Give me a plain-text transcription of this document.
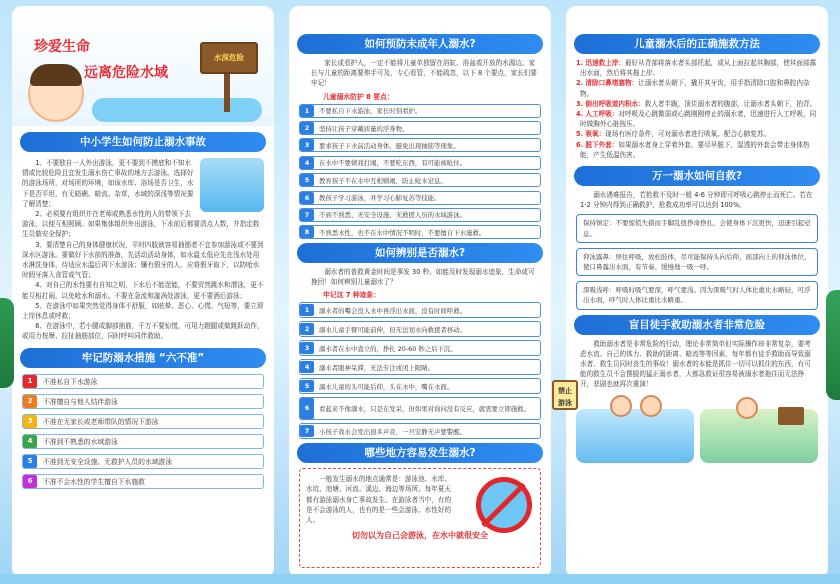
水深危险
珍爱生命
远离危险水域
中小学生如何防止溺水事故

1、不要独自一人外出游泳，更不要到不摸底和不知水情或比较危险且宜发生溺水伤亡事故的地方去游泳。选择好的游泳场所，对场所的环境，如该水库、浴场是否卫生，水下是否平坦，有无暗礁、暗流、杂草，水域的深浅等情况要了解清楚；

2、必须要有组织并在老师或熟悉水性的人的带领下去游泳，以便互相照顾。如果集体组织外出游泳，下水前后都要清点人数，并指定救生员做安全保护；

3、要清楚自己的身体健康状况，平时四肢就容易抽筋者不宜参加游泳或不要到深水区游泳。要做好下水前的准备，先活动活动身体，如水温太低应先在浅水处用水淋洗身体，待适应水温后再下水游泳；镶有假牙的人，应将假牙取下，以防呛水时假牙落入食管或气管；

4、对自己的水性要有自知之明，下水后不能逞能，不要贸然跳水和潜泳，更不能互相打闹，以免呛水和溺水。不要在急流和漩涡处游泳，更不要酒后游泳；

5、在游泳中如果突然觉得身体不舒服，如眩晕、恶心、心慌、气短等，要立即上岸休息或呼救；

6、在游泳中，若小腿或脚部抽筋，千万不要惊慌，可用力蹬腿或做跳跃动作，或用力按摩、拉扯抽筋部位，同时呼叫同伴救助。

牢记防溺水措施 “六不准”
1	不准私自下水游泳
2	不准擅自与他人结伴游泳
3	不准在无家长或老师带队的情况下游泳
4	不准到不熟悉的水域游泳
5	不准到无安全设施、无救护人员的水域游泳
6	不准不会水性的学生擅自下水施救
如何预防未成年人溺水?

家长或看护人，一定不能将儿童单独留在浴缸、浴盆或开放的水源边。家长与儿童的距离要伸手可及，专心看管，不能疏忽，以下 8 个要点，家长们要牢记！

儿童溺水防护 8 要点：
1	不要私自下水游泳，家长时刻看护。
2	坚持让孩子穿戴质量的浮身物。
3	要求孩子下水前活动身体，避免出现抽筋等现象。
4	在水中不要嬉戏打闹，不要吃东西，有可能被呛住。
5	教育孩子不在水中互相嬉闹，防止呛水窒息。
6	教孩子学习游泳，并学习心肺复苏等技能。
7	不到不熟悉、无安全设施、无救援人员的水域游泳。
8	不熟悉水性，也不在水中情况不明时，不要擅自下水施救。
如何辨别是否溺水?

溺水者的普救黄金时间是事发 30 秒。如能及时发现溺水迹象，生命或可挽回！如何辨别儿童溺水了？

牢记这 7 种迹象：
1	溺水者的嘴会没入水中再浮出水面，没有时间呼救。
2	溺水儿童手臂可能前伸，但无法划水向救援者移动。
3	溺水者在水中直立的，挣扎 20-60 秒之后下沉。
4	溺水者眼神呆滞，无法专注或闭上眼睛。
5	溺水儿童的头可能后仰，头在水中，嘴在水面。
6	看起来不像溺水，只是在发呆，但如果对询问没有反应，就需要立即施救。
7	小孩子戏水会发出很多声音，一旦安静无声要警醒。
哪些地方容易发生溺水?

一般发生溺水的地点通常是：游泳池、水库、水坑、池塘、河流、溪边、海边等场所。每年夏天都有游泳溺水身亡事故发生。在游泳者当中，有的是不会游泳的人，也有的是一些会游泳、水性好的人。

切勿以为自己会游泳，在水中就很安全
儿童溺水后的正确施救方法

1. 迅速救上岸：最好从背部将落水者头部托起，或从上面拉起其胸部，使其面部露出水面，然后将其拖上岸。

2. 清除口鼻堵塞物：让溺水者头朝下，撬开其牙齿，用手指清除口腔和鼻腔内杂物。

3. 倒出呼吸道内积水：救人者半跪，顶住溺水者的腹部，让溺水者头朝下，拍背。

4. 人工呼吸：对呼吸及心跳微弱或心跳刚刚停止的溺水者，迅速进行人工呼吸，同时做胸外心脏按压。

5. 吸氧：现场有医疗条件，可对溺水者进行吸氧、配合心肺复苏。

6. 脱下外套：如果溺水者身上穿着外套，要尽早脱下，湿透的外套会带走身体热能，产生低温伤害。

万一溺水如何自救?

溺水遇难报告，若抢救不及时一般 4-6 分钟即可呼吸心跳停止而死亡。若在 1-2 分钟内得到正确救护，抢救成功率可以达到 100%。

保持镇定：不要惊慌失措而手脚乱扭挣命挣扎，会使身体下沉更快，迅速引起窒息。
仰泳露鼻：屏住呼吸，放松肢体，尽可能保持头向后仰，面部向上的仰泳体位，使口鼻露出水面，有节奏、缓慢地一吸一呼。
深吸浅呼：呼吸时吸气要深，呼气要浅。因为深吸气时人体比重比水略轻，可浮出水面，呼气时人体比重比水略重。
盲目徒手救助溺水者非常危险

救助溺水者是非常危险的行动，理论非常简单但实际操作却非常复杂，要考虑水流、自己的体力、救助的距离、暗流等等因素，每年都有徒手救助而导致溺水者、救生员同时丧生的事故！溺水者的本能是抓住一切可以抓住的东西，有可能的救生员不会摆脱的猛正溺水者，大都急救证很容易被溺水者拖住而无法挣开，悲剧也就再次重演！

禁止 游泳
